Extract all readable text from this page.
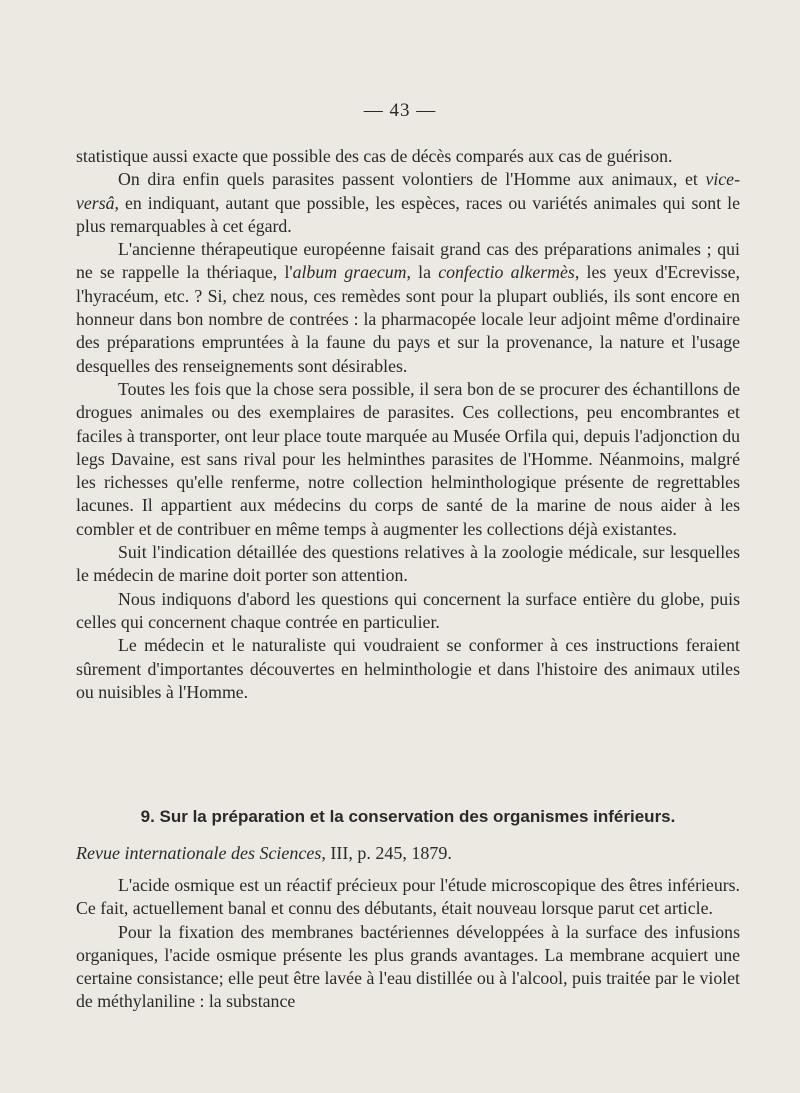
— 43 —

statistique aussi exacte que possible des cas de décès comparés aux cas de guérison.

On dira enfin quels parasites passent volontiers de l'Homme aux animaux, et vice-versâ, en indiquant, autant que possible, les espèces, races ou variétés animales qui sont le plus remarquables à cet égard.

L'ancienne thérapeutique européenne faisait grand cas des préparations animales ; qui ne se rappelle la thériaque, l'album graecum, la confectio alkermès, les yeux d'Ecrevisse, l'hyracéum, etc. ? Si, chez nous, ces remèdes sont pour la plupart oubliés, ils sont encore en honneur dans bon nombre de contrées : la pharmacopée locale leur adjoint même d'ordinaire des préparations empruntées à la faune du pays et sur la provenance, la nature et l'usage desquelles des renseignements sont désirables.

Toutes les fois que la chose sera possible, il sera bon de se procurer des échantillons de drogues animales ou des exemplaires de parasites. Ces collections, peu encombrantes et faciles à transporter, ont leur place toute marquée au Musée Orfila qui, depuis l'adjonction du legs Davaine, est sans rival pour les helminthes parasites de l'Homme. Néanmoins, malgré les richesses qu'elle renferme, notre collection helminthologique présente de regrettables lacunes. Il appartient aux médecins du corps de santé de la marine de nous aider à les combler et de contribuer en même temps à augmenter les collections déjà existantes.

Suit l'indication détaillée des questions relatives à la zoologie médicale, sur lesquelles le médecin de marine doit porter son attention.

Nous indiquons d'abord les questions qui concernent la surface entière du globe, puis celles qui concernent chaque contrée en particulier.

Le médecin et le naturaliste qui voudraient se conformer à ces instructions feraient sûrement d'importantes découvertes en helminthologie et dans l'histoire des animaux utiles ou nuisibles à l'Homme.

9. Sur la préparation et la conservation des organismes inférieurs.
Revue internationale des Sciences, III, p. 245, 1879.

L'acide osmique est un réactif précieux pour l'étude microscopique des êtres inférieurs. Ce fait, actuellement banal et connu des débutants, était nouveau lorsque parut cet article.

Pour la fixation des membranes bactériennes développées à la surface des infusions organiques, l'acide osmique présente les plus grands avantages. La membrane acquiert une certaine consistance; elle peut être lavée à l'eau distillée ou à l'alcool, puis traitée par le violet de méthylaniline : la substance
